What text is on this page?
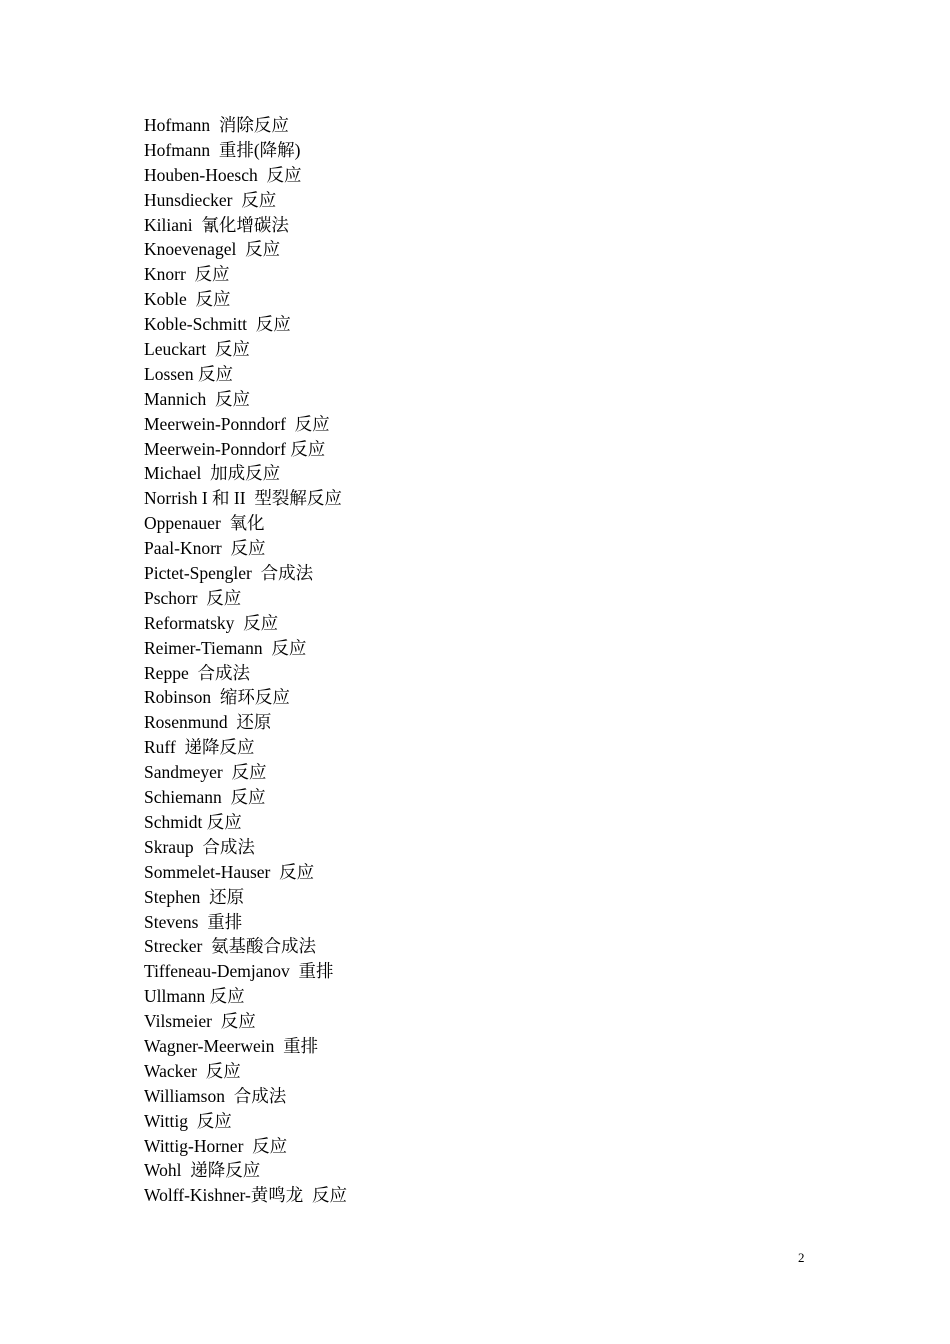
Hofmann  消除反应
Hofmann  重排(降解)
Houben-Hoesch  反应
Hunsdiecker  反应
Kiliani  氰化增碳法
Knoevenagel  反应
Knorr  反应
Koble  反应
Koble-Schmitt  反应
Leuckart  反应
Lossen 反应
Mannich  反应
Meerwein-Ponndorf  反应
Meerwein-Ponndorf 反应
Michael  加成反应
Norrish I 和 II  型裂解反应
Oppenauer  氧化
Paal-Knorr  反应
Pictet-Spengler  合成法
Pschorr  反应
Reformatsky  反应
Reimer-Tiemann  反应
Reppe  合成法
Robinson  缩环反应
Rosenmund  还原
Ruff  递降反应
Sandmeyer  反应
Schiemann  反应
Schmidt 反应
Skraup  合成法
Sommelet-Hauser  反应
Stephen  还原
Stevens  重排
Strecker  氨基酸合成法
Tiffeneau-Demjanov  重排
Ullmann 反应
Vilsmeier  反应
Wagner-Meerwein  重排
Wacker  反应
Williamson  合成法
Wittig  反应
Wittig-Horner  反应
Wohl  递降反应
Wolff-Kishner-黄鸣龙  反应
2
